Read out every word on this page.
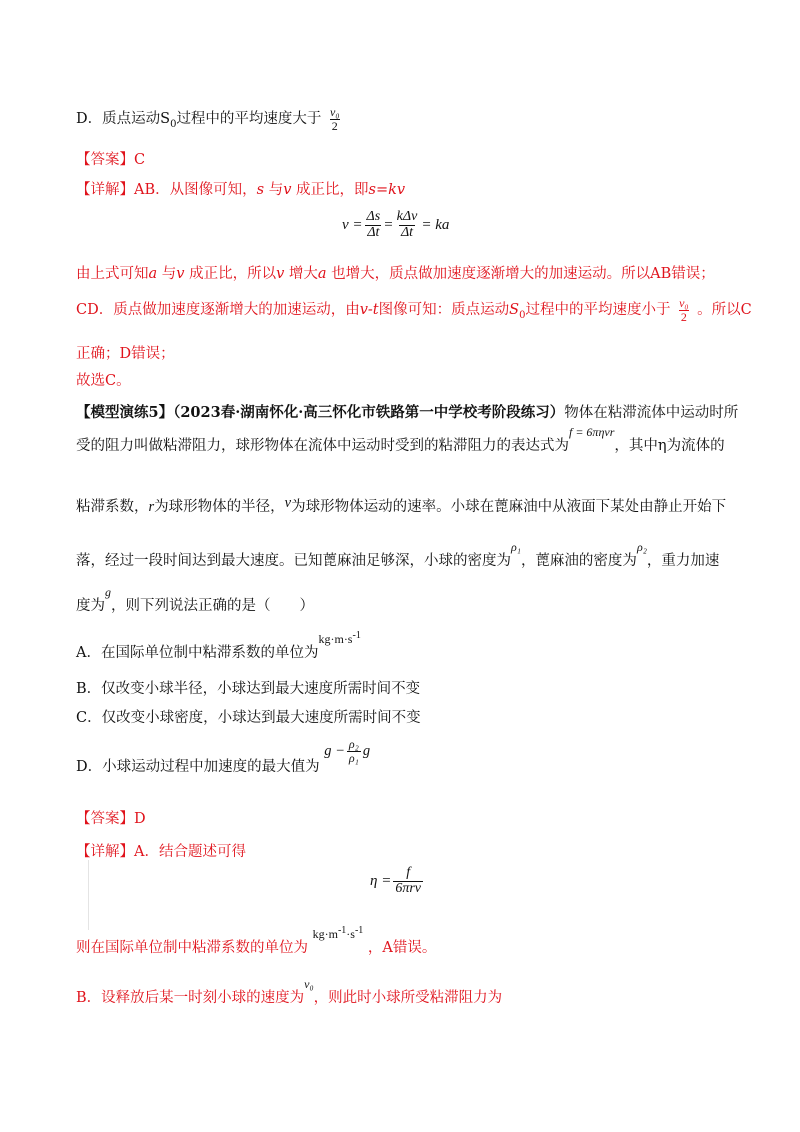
D．质点运动$S_0$过程中的平均速度大于 $\frac{\text{v₀}}{2}$
【答案】C
【详解】AB．从图像可知，s 与v 成正比，即s=kv
$v = \frac{\Delta s}{\Delta t} = \frac{\text{kΔv}}{\Delta t}$ = ka
由上式可知a 与v 成正比，所以v 增大a 也增大，质点做加速度逐渐增大的加速运动。所以AB错误；
CD．质点做加速度逐渐增大的加速运动，由v-t图像可知：质点运动$S_0$过程中的平均速度小于 $\frac{\text{v₀}}{2}$ 。所以C
正确；D错误；
故选C。
【模型演练5】（2023春·湖南怀化·高三怀化市铁路第一中学校考阶段练习）物体在粘滞流体中运动时所
受的阻力叫做粘滞阻力，球形物体在流体中运动时受到的粘滞阻力的表达式为$^{f = 6\pi\eta vr}$，其中η为流体的
粘滞系数，r为球形物体的半径，v为球形物体运动的速率。小球在蓖麻油中从液面下某处由静止开始下
落，经过一段时间达到最大速度。已知蓖麻油足够深，小球的密度为$^{\rho_1}$，蓖麻油的密度为$^{\rho_2}$，重力加速
度为$^g$，则下列说法正确的是（　　）
A．在国际单位制中粘滞系数的单位为$^{kg\cdot m\cdot s^{-1}}$
B．仅改变小球半径，小球达到最大速度所需时间不变
C．仅改变小球密度，小球达到最大速度所需时间不变
D．小球运动过程中加速度的最大值为
$g - \frac{\text{ρ₂}}{\text{ρ₁}}$ g
【答案】D
【详解】A．结合题述可得
$\eta = \frac{f}{\text{6πrv}}$
则在国际单位制中粘滞系数的单位为 $^{kg\cdot m^{-1}\cdot s^{-1}}$ ，A错误。
B．设释放后某一时刻小球的速度为$^{v_0}$，则此时小球所受粘滞阻力为
